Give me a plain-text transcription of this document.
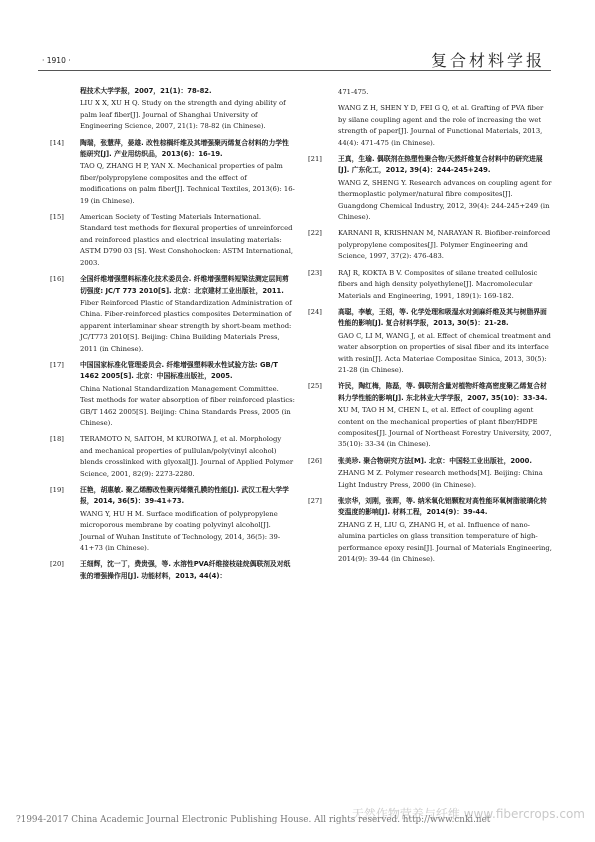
· 1910 ·	复合材料学报
程技术大学学报，2007，21(1)：78-82.
LIU X X, XU H Q. Study on the strength and dying ability of palm leaf fiber[J]. Journal of Shanghai University of Engineering Science, 2007, 21(1): 78-82 (in Chinese).
[14] 陶瑞，张慧萍，晏雄. 改性棕榈纤维及其增强聚丙烯复合材料的力学性能研究[J]. 产业用纺织品，2013(6)：16-19.
TAO Q, ZHANG H P, YAN X. Mechanical properties of palm fiber/polypropylene composites and the effect of modifications on palm fiber[J]. Technical Textiles, 2013(6): 16-19 (in Chinese).
[15] American Society of Testing Materials International. Standard test methods for flexural properties of unreinforced and reinforced plastics and electrical insulating materials: ASTM D790 03 [S]. West Conshohocken: ASTM International, 2003.
[16] 全国纤维增强塑料标准化技术委员会. 纤维增强塑料短梁法测定层间剪切强度: JC/T 773 2010[S]. 北京：北京建材工业出版社，2011.
Fiber Reinforced Plastic of Standardization Administration of China. Fiber-reinforced plastics composites Determination of apparent interlaminar shear strength by short-beam method: JC/T773 2010[S]. Beijing: China Building Materials Press, 2011 (in Chinese).
[17] 中国国家标准化管理委员会. 纤维增强塑料吸水性试验方法: GB/T 1462 2005[S]. 北京：中国标准出版社，2005.
China National Standardization Management Committee. Test methods for water absorption of fiber reinforced plastics: GB/T 1462 2005[S]. Beijing: China Standards Press, 2005 (in Chinese).
[18] TERAMOTO N, SAITOH, M KUROIWA J, et al. Morphology and mechanical properties of pullulan/poly(vinyl alcohol) blends crosslinked with glyoxal[J]. Journal of Applied Polymer Science, 2001, 82(9): 2273-2280.
[19] 汪艳，胡惠敏. 聚乙烯醇改性聚丙烯微孔膜的性能[J]. 武汉工程大学学报，2014, 36(5)：39-41+73.
WANG Y, HU H M. Surface modification of polypropylene microporous membrane by coating polyvinyl alcohol[J]. Journal of Wuhan Institute of Technology, 2014, 36(5): 39-41+73 (in Chinese).
[20] 王细辉，沈一丁，费贵强，等. 水溶性PVA纤维接枝硅烷偶联剂及对纸张的增强操作用[J]. 功能材料，2013, 44(4)：
471-475.
WANG Z H, SHEN Y D, FEI G Q, et al. Grafting of PVA fiber by silane coupling agent and the role of increasing the wet strength of paper[J]. Journal of Functional Materials, 2013, 44(4): 471-475 (in Chinese).
[21] 王真，生瑜. 偶联剂在热塑性聚合物/天然纤维复合材料中的研究进展[J]. 广东化工，2012, 39(4)：244-245+249.
WANG Z, SHENG Y. Research advances on coupling agent for thermoplastic polymer/natural fibre composites[J]. Guangdong Chemical Industry, 2012, 39(4): 244-245+249 (in Chinese).
[22] KARNANI R, KRISHNAN M, NARAYAN R. Biofiber-reinforced polypropylene composites[J]. Polymer Engineering and Science, 1997, 37(2): 476-483.
[23] RAJ R, KOKTA B V. Composites of silane treated cellulosic fibers and high density polyethylene[J]. Macromolecular Materials and Engineering, 1991, 189(1): 169-182.
[24] 高聪，李敏，王绍，等. 化学处理和吸湿水对剑麻纤维及其与树脂界面性能的影响[J]. 复合材料学报，2013, 30(5)：21-28.
GAO C, LI M, WANG J, et al. Effect of chemical treatment and water absorption on properties of sisal fiber and its interface with resin[J]. Acta Materiae Compositae Sinica, 2013, 30(5): 21-28 (in Chinese).
[25] 许民，陶红梅，陈磊，等. 偶联剂含量对植物纤维高密度聚乙烯复合材料力学性能的影响[J]. 东北林业大学学报，2007, 35(10)：33-34.
XU M, TAO H M, CHEN L, et al. Effect of coupling agent content on the mechanical properties of plant fiber/HDPE composites[J]. Journal of Northeast Forestry University, 2007, 35(10): 33-34 (in Chinese).
[26] 张美珍. 聚合物研究方法[M]. 北京：中国轻工业出版社，2000.
ZHANG M Z. Polymer research methods[M]. Beijing: China Light Industry Press, 2000 (in Chinese).
[27] 张宗华，刘刚，张晖，等. 纳米氧化铝颗粒对高性能环氧树脂玻璃化转变温度的影响[J]. 材料工程，2014(9)：39-44.
ZHANG Z H, LIU G, ZHANG H, et al. Influence of nano-alumina particles on glass transition temperature of high-performance epoxy resin[J]. Journal of Materials Engineering, 2014(9): 39-44 (in Chinese).
天然作物营养与纤维 www.fibercrops.com
?1994-2017 China Academic Journal Electronic Publishing House. All rights reserved. http://www.cnki.net
